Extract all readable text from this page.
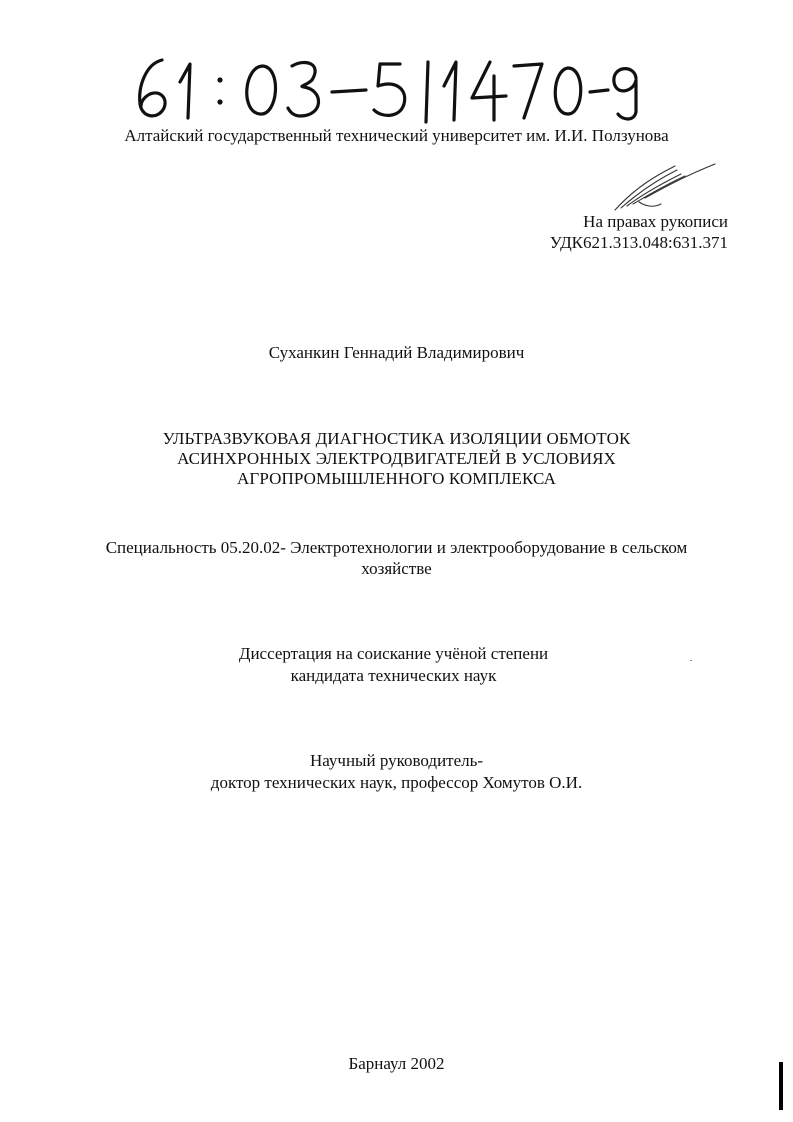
Алтайский государственный технический университет им. И.И. Ползунова
На правах рукописи
УДК621.313.048:631.371
Суханкин Геннадий Владимирович
УЛЬТРАЗВУКОВАЯ ДИАГНОСТИКА ИЗОЛЯЦИИ ОБМОТОК
АСИНХРОННЫХ ЭЛЕКТРОДВИГАТЕЛЕЙ В УСЛОВИЯХ
АГРОПРОМЫШЛЕННОГО КОМПЛЕКСА
Специальность 05.20.02- Электротехнологии и электрооборудование в сельском
хозяйстве
Диссертация на соискание учёной степени
кандидата технических наук
Научный руководитель-
доктор технических наук, профессор Хомутов О.И.
Барнаул 2002
